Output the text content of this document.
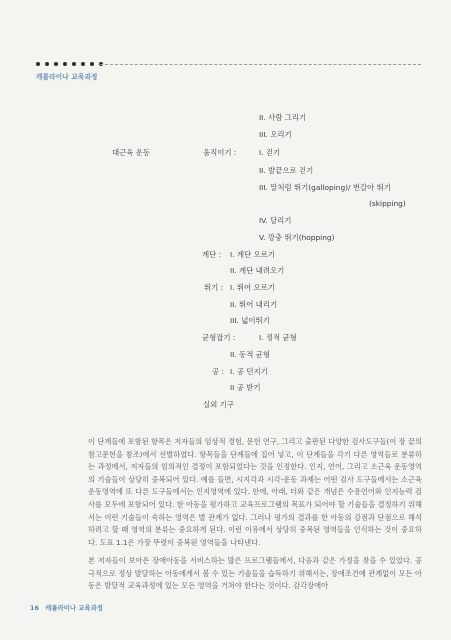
캐롤라이나 교육과정
II. 사람 그리기
III. 오리기
대근육 운동	움직이기 :	I. 걷기
II. 발끝으로 걷기
III. 말처럼 뛰기(galloping)/ 번갈아 뛰기
(skipping)
IV. 달리기
V. 깡충 뛰기(hopping)
계단 : I. 계단 오르기
II. 계단 내려오기
뛰기 : I. 뛰어 오르기
II. 뛰어 내리기
III. 넓이뛰기
균형잡기 :	I. 정적 균형
II. 동적 균형
공 : I. 공 던지기
II 공 받기
실외 기구
이 단계들에 포함된 항목은 저자들의 임상적 경험, 문헌 연구, 그리고 출판된 다양한 검사도구들(이 장 끝의 참고문헌을 참조)에서 선별하였다. 항목들을 단계들에 집어 넣고, 이 단계들을 각기 다른 영역들로 분류하는 과정에서, 저자들의 임의적인 결정이 포함되었다는 것을 인정한다. 인지, 언어, 그리고 소근육 운동영역의 기술들이 상당히 중복되어 있다. 예를 들면, 시지각과 시각-운동 과제는 어떤 검사 도구들에서는 소근육 운동영역에 또 다른 도구들에서는 인지영역에 있다. 안에, 아래, 더와 같은 개념은 수용언어와 인지능력 검사를 모두에 포함되어 있다. 한 아동을 평가하고 교육프로그램의 목표가 되어야 할 기술들을 결정하기 위해서는 이런 기술들이 속하는 영역은 별 관계가 없다. 그러나 평가의 결과를 한 아동의 강점과 단점으로 해석하려고 할 때 영역의 분류는 중요하게 된다. 이런 이유에서 상당히 중복된 영역들을 인식하는 것이 중요하다. 도표 1.1은 가장 뚜렷이 중복된 영역들을 나타낸다.
본 저자들이 보아온 장애아동을 서비스하는 많은 프로그램들에서, 다음과 같은 가정을 찾을 수 있었다. 공극적으로 정상 발달하는 아동에게서 볼 수 있는 기술들을 습득하기 위해서는, 장애조건에 관계없이 모든 아동은 발달적 교육과정에 있는 모든 영역을 거쳐야 한다는 것이다. 감각장애아
16 캐롤라이나 교육과정
